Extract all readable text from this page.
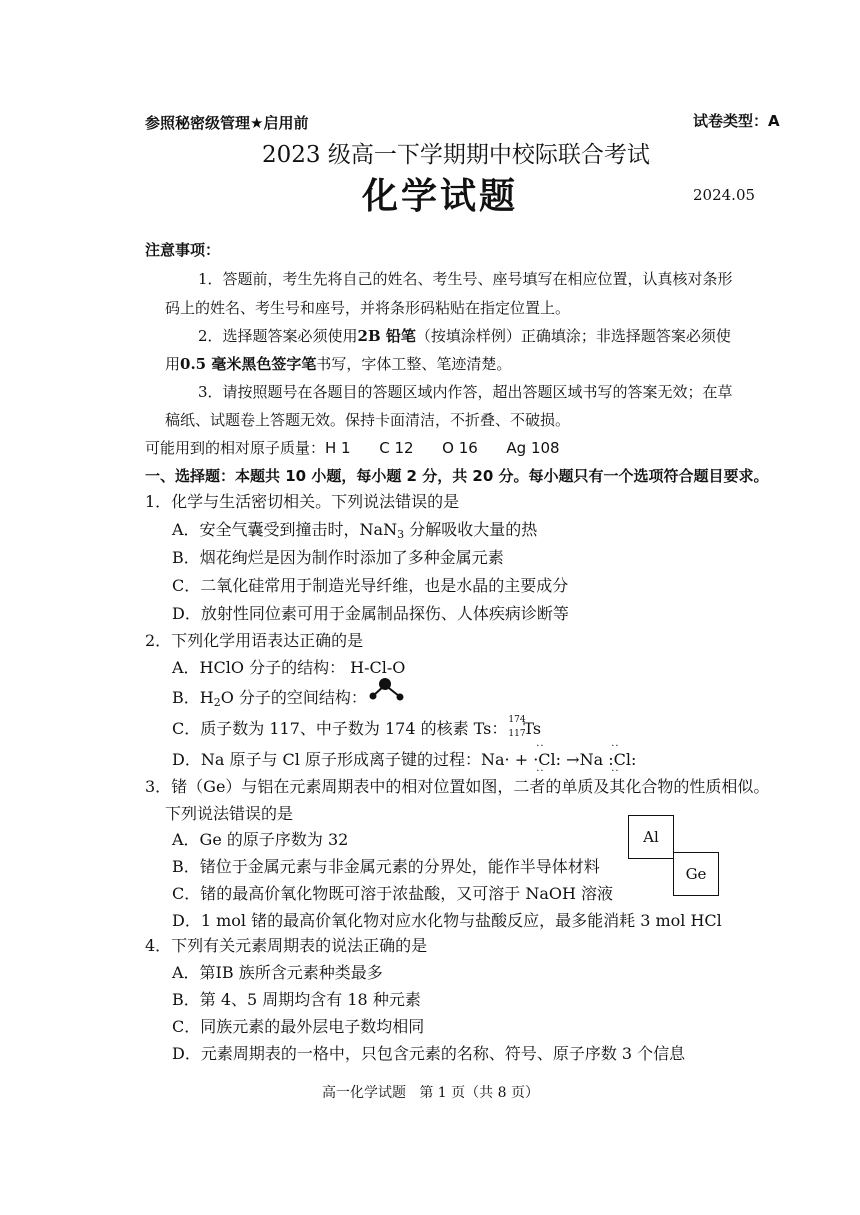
参照秘密级管理★启用前	试卷类型：A
2023 级高一下学期期中校际联合考试
化学试题	2024.05
注意事项：
1．答题前，考生先将自己的姓名、考生号、座号填写在相应位置，认真核对条形
码上的姓名、考生号和座号，并将条形码粘贴在指定位置上。
2．选择题答案必须使用2B 铅笔（按填涂样例）正确填涂；非选择题答案必须使
用0.5 毫米黑色签字笔书写，字体工整、笔迹清楚。
3．请按照题号在各题目的答题区域内作答，超出答题区域书写的答案无效；在草
稿纸、试题卷上答题无效。保持卡面清洁，不折叠、不破损。
可能用到的相对原子质量：H 1      C 12      O 16      Ag 108
一、选择题：本题共 10 小题，每小题 2 分，共 20 分。每小题只有一个选项符合题目要求。
1．化学与生活密切相关。下列说法错误的是
A．安全气囊受到撞击时，NaN$_3$ 分解吸收大量的热
B．烟花绚烂是因为制作时添加了多种金属元素
C．二氧化硅常用于制造光导纤维，也是水晶的主要成分
D．放射性同位素可用于金属制品探伤、人体疾病诊断等
2．下列化学用语表达正确的是
A．HClO 分子的结构： H-Cl-O
B．$H_2O$ 分子的空间结构：
C．质子数为 117、中子数为 174 的核素 Ts： 174
117
Ts
D．Na 原子与 Cl 原子形成离子键的过程：Na· + ·Cl:
··
··
→Na :Cl:
··
··
3．锗（Ge）与铝在元素周期表中的相对位置如图，二者的单质及其化合物的性质相似。
下列说法错误的是
A．Ge 的原子序数为 32
B．锗位于金属元素与非金属元素的分界处，能作半导体材料
C．锗的最高价氧化物既可溶于浓盐酸，又可溶于 NaOH 溶液
D．1 mol 锗的最高价氧化物对应水化物与盐酸反应，最多能消耗 3 mol HCl
Al
Ge
4．下列有关元素周期表的说法正确的是
A．第ⅠB 族所含元素种类最多
B．第 4、5 周期均含有 18 种元素
C．同族元素的最外层电子数均相同
D．元素周期表的一格中，只包含元素的名称、符号、原子序数 3 个信息
高一化学试题   第 1 页（共 8 页）
